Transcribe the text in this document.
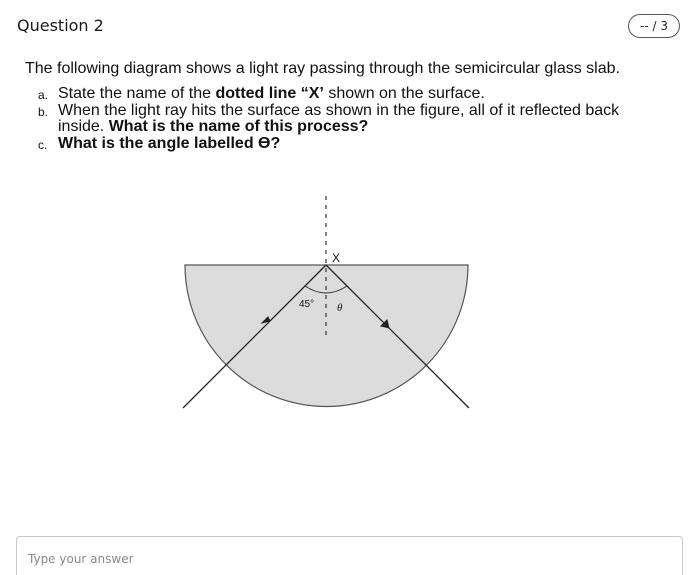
Question 2	-- / 3
The following diagram shows a light ray passing through the semicircular glass slab.
a. State the name of the dotted line “X’ shown on the surface.
b. When the light ray hits the surface as shown in the figure, all of it reflected back inside. What is the name of this process?
c. What is the angle labelled ϴ?
X
45° θ
Type your answer
